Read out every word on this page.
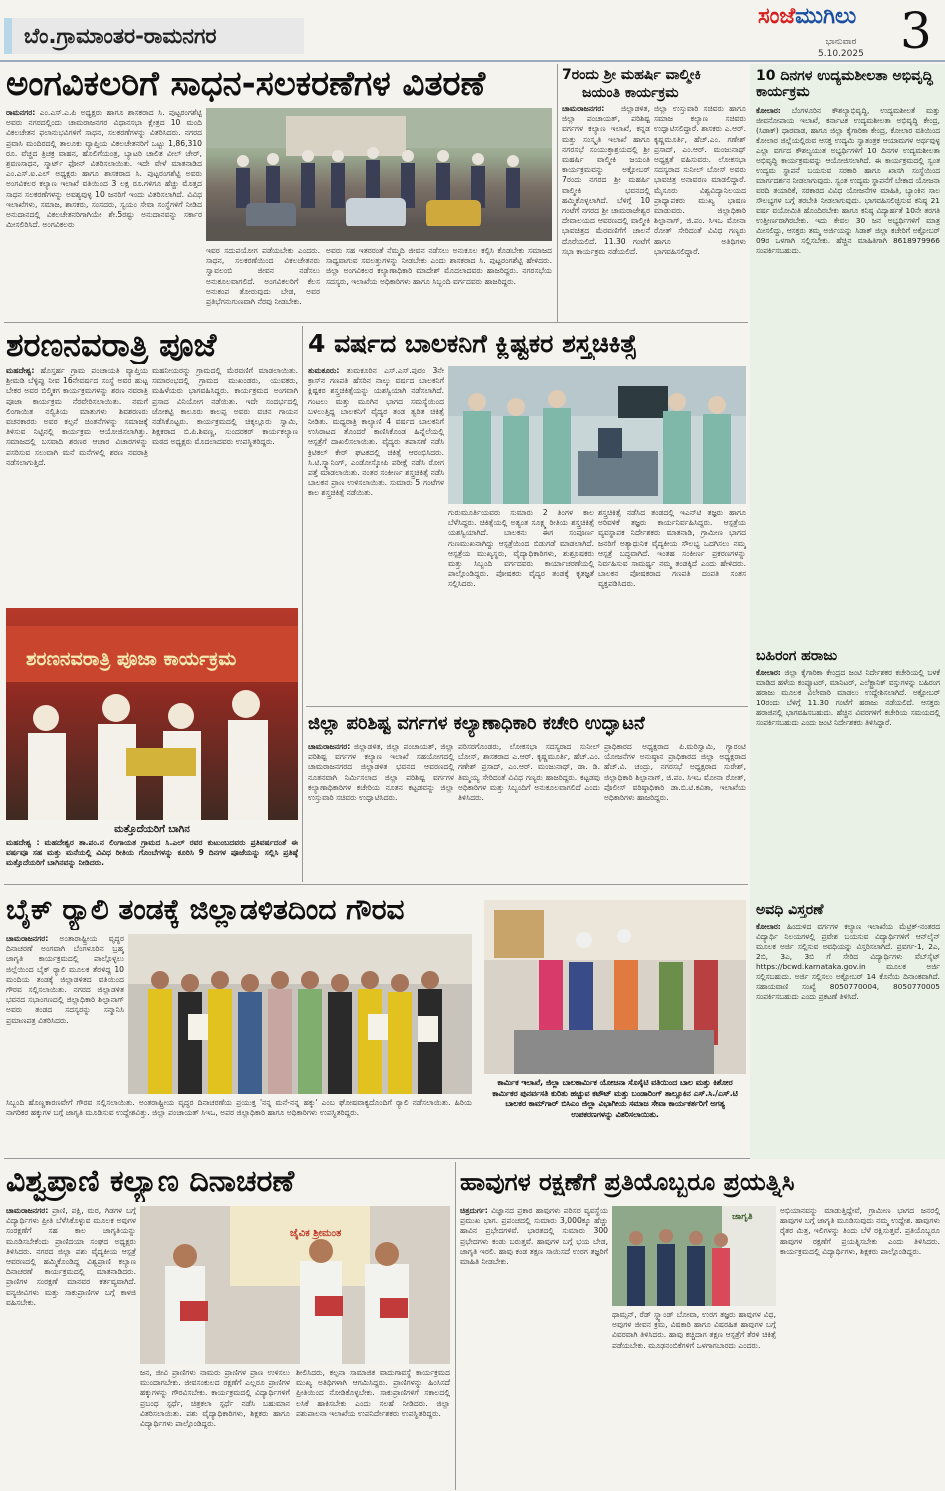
ಬೆಂ.ಗ್ರಾಮಾಂತರ-ರಾಮನಗರ
ಸಂಜೆಮುಗಿಲು
ಭಾನುವಾರ
5.10.2025 3
ಅಂಗವಿಕಲರಿಗೆ ಸಾಧನ-ಸಲಕರಣೆಗಳ ವಿತರಣೆ
ರಾಮನಗರ: ಎಂ.ಎಸ್.ಎ.ಪಿ ಅಧ್ಯಕ್ಷರು ಹಾಗೂ ಶಾಸಕರಾದ ಸಿ. ಪುಟ್ಟರಂಗಶೆಟ್ಟಿ ಅವರು ನಗರದಲ್ಲಿಂದು ಚಾಮರಾಜನಗರ ವಿಧಾನಸಭಾ ಕ್ಷೇತ್ರದ 10 ಮಂದಿ ವಿಕಲಚೇತನ ಫಲಾನುಭವಿಗಳಿಗೆ ಸಾಧನ, ಸಲಕರಣೆಗಳನ್ನು ವಿತರಿಸಿದರು. ನಗರದ ಪ್ರವಾಸಿ ಮಂದಿರದಲ್ಲಿ ತಾಲೂಕು ವ್ಯಾಪ್ತಿಯ ವಿಕಲಚೇತನರಿಗೆ ಒಟ್ಟು 1,86,310 ರೂ. ವೆಚ್ಚದ ತ್ರಿಚಕ್ರ ವಾಹನ, ಹೊಲಿಗೆಯಂತ್ರ, ಬ್ಯಾಟರಿ ಚಾಲಿತ ವೀಲ್ ಚೇರ್, ಶ್ರವಣಸಾಧನ, ಸ್ಮಾರ್ಟ್ ಫೋನ್ ವಿತರಿಸಲಾಯಿತು. ಇದೇ ವೇಳೆ ಮಾತನಾಡಿದ ಎಂ.ಎಸ್.ಐ.ಎಲ್ ಅಧ್ಯಕ್ಷರು ಹಾಗೂ ಶಾಸಕರಾದ ಸಿ. ಪುಟ್ಟರಂಗಶೆಟ್ಟಿ ಅವರು ಅಂಗವಿಕಲರ ಕಲ್ಯಾಣ ಇಲಾಖೆ ವತಿಯಿಂದ 3 ಲಕ್ಷ ರೂ.ಗಳಿಗೂ ಹೆಚ್ಚು ಮೊತ್ತದ ಸಾಧನ ಸಲಕರಣೆಗಳನ್ನು ಅವಶ್ಯವುಳ್ಳ 10 ಜನರಿಗೆ ಇಂದು ವಿತರಿಸಲಾಗಿದೆ. ವಿವಿಧ ಇಲಾಖೆಗಳು, ಸಮಾಜ, ಶಾಸಕರು, ಸಂಸದರು, ಸ್ವಯಂ ಸೇವಾ ಸಂಸ್ಥೆಗಳಿಗೆ ನೀಡಿದ ಅನುದಾನದಲ್ಲಿ ವಿಕಲಚೇತನರಿಗಾಗಿಯೇ ಶೇ.5ರಷ್ಟು ಅನುದಾನವನ್ನು ಸರ್ಕಾರ ಮೀಸಲಿರಿಸಿದೆ. ಅಂಗವಿಕಲರು
ಇವರ ಸದುಪಯೋಗ ಪಡೆಯಬೇಕು ಎಂದರು. ಸಾಧನ, ಸಲಕರಣೆಯಿಂದ ವಿಕಲಚೇತನರು ಸ್ವಾವಲಂಬಿ ಜೀವನ ನಡೆಸಲು ಅನುಕೂಲವಾಗಲಿದೆ. ಅಂಗವಿಕಲರಿಗೆ ಕೆಲಸ ಅನುಕಂಪ ತೋರುವುದು ಬೇಡ, ಅವರ ಪ್ರತಿಭೆಗನುಗುಣವಾಗಿ ನೆರವು ನೀಡಬೇಕು.
ಅವರು ಸಹ ಇತರರಂತೆ ನೆಮ್ಮದಿ ಜೀವನ ನಡೆಸಲು ಅನುಕೂಲ ಕಲ್ಪಿಸಿ ಕೊಡಬೇಕು ಸಮಾಜದ ಸಾಧ್ಯವಾಗುವ ಸವಲತ್ತುಗಳನ್ನು ನೀಡಬೇಕು ಎಂದು ಶಾಸಕರಾದ ಸಿ. ಪುಟ್ಟರಂಗಶೆಟ್ಟಿ ಹೇಳಿದರು. ಜಿಲ್ಲಾ ಅಂಗವಿಕಲರ ಕಲ್ಯಾಣಾಧಿಕಾರಿ ಮಾದೇಶ್ ಮೊದಲಾದವರು ಹಾಜರಿದ್ದರು. ನಗರಸಭೆಯ ಸದಸ್ಯರು, ಇಲಾಖೆಯ ಅಧಿಕಾರಿಗಳು ಹಾಗೂ ಸಿಬ್ಬಂದಿ ವರ್ಗದವರು ಹಾಜರಿದ್ದರು.
7ರಂದು ಶ್ರೀ ಮಹರ್ಷಿ ವಾಲ್ಮೀಕಿ
ಜಯಂತಿ ಕಾರ್ಯಕ್ರಮ
ಚಾಮರಾಜನಗರ: ಜಿಲ್ಲಾಡಳಿತ, ಜಿಲ್ಲಾ ಪಂಚಾಯತ್, ಪರಿಶಿಷ್ಟ ವರ್ಗಗಳ ಕಲ್ಯಾಣ ಇಲಾಖೆ, ಕನ್ನಡ ಮತ್ತು ಸಂಸ್ಕೃತಿ ಇಲಾಖೆ ಹಾಗೂ ನಗರಸಭೆ ಸಂಯುಕ್ತಾಶ್ರಯದಲ್ಲಿ ಶ್ರೀ ಮಹರ್ಷಿ ವಾಲ್ಮೀಕಿ ಜಯಂತಿ ಕಾರ್ಯಕ್ರಮವನ್ನು ಅಕ್ಟೋಬರ್ 7ರಂದು ನಗರದ ಶ್ರೀ ಮಹರ್ಷಿ ವಾಲ್ಮೀಕಿ ಭವನದಲ್ಲಿ ಹಮ್ಮಿಕೊಳ್ಳಲಾಗಿದೆ. ಬೆಳಿಗ್ಗೆ 10 ಗಂಟೆಗೆ ನಗರದ ಶ್ರೀ ಚಾಮರಾಜೇಶ್ವರ ದೇವಾಲಯದ ಆವರಣದಲ್ಲಿ ವಾಲ್ಮೀಕಿ ಭಾವಚಿತ್ರದ ಮೆರವಣಿಗೆಗೆ ಚಾಲನೆ ದೊರೆಯಲಿದೆ. 11.30 ಗಂಟೆಗೆ ಸಭಾ ಕಾರ್ಯಕ್ರಮ ನಡೆಯಲಿದೆ.
ಜಿಲ್ಲಾ ಉಸ್ತುವಾರಿ ಸಚಿವರು ಹಾಗೂ ಸಮಾಜ ಕಲ್ಯಾಣ ಸಚಿವರು ಉದ್ಘಾಟಿಸಲಿದ್ದಾರೆ. ಶಾಸಕರು ಎ.ಆರ್. ಕೃಷ್ಣಮೂರ್ತಿ, ಹೆಚ್.ಎಂ. ಗಣೇಶ್ ಪ್ರಸಾದ್, ಎಂ.ಆರ್. ಮಂಜುನಾಥ್ ಅಧ್ಯಕ್ಷತೆ ವಹಿಸುವರು. ಲೋಕಸಭಾ ಸದಸ್ಯರಾದ ಸುನೀಲ್ ಬೋಸ್ ಅವರು ಭಾವಚಿತ್ರ ಅನಾವರಣ ಮಾಡಲಿದ್ದಾರೆ. ಮೈಸೂರು ವಿಶ್ವವಿದ್ಯಾನಿಲಯದ ಪ್ರಾಧ್ಯಾಪಕರು ಮುಖ್ಯ ಭಾಷಣ ಮಾಡುವರು. ಜಿಲ್ಲಾಧಿಕಾರಿ ಶಿಲ್ಪಾನಾಗ್, ಜಿ.ಪಂ. ಸಿಇಒ ಮೋನಾ ರೋತ್ ಸೇರಿದಂತೆ ವಿವಿಧ ಗಣ್ಯರು ಹಾಗೂ ಅತಿಥಿಗಳು ಭಾಗವಹಿಸಲಿದ್ದಾರೆ.
ಶರಣನವರಾತ್ರಿ ಪೂಜೆ
ಮಹದೇಶ್ವ: ಹೊಸ್ತರ್ಹ ಗ್ರಾಮ ಪಂಚಾಯತಿ ವ್ಯಾಪ್ತಿಯ ಶ್ರೀಮಡಿ ಬೆಳ್ಳಿಪ್ಪು ನೀವ 16ನೇವರ್ಷದ ಸಂಸ್ಥೆ ಅವರ ಹುಟ್ಟ ಬೇಕರ ಅವರ ಬಿಲ್ಮಿಕಗ ಕಾರ್ಯಕ್ರಮಗಳನ್ನು ಶರಣ ನವರಾತ್ರಿ ಪೂಜಾ ಕಾರ್ಯಕ್ರಮ ನೆರವೇರಿಸಲಾಯಿತು. ನಮಗೆ ಲಿಂಗಾಯಿತ ನಲ್ವಿತಿಯ ಮಾತುಗಳು ಶಿವಶರಣರು ವಚನಕಾರರು ಅವರ ಕಲ್ಪನೆ ಚಿಂತನೆಗಳನ್ನು ಸಮಾಜಕ್ಕೆ ತಿಳಿಸುವ ನಿಟ್ಟಿನಲ್ಲಿ ಕಾರ್ಯಕ್ರಮ ಆಯೋಜಿಸಲಾಗಿತ್ತು. ಸಮಾಜದಲ್ಲಿ ಬಸವಾದಿ ಶರಣರ ಆಚಾರ ವಿಚಾರಗಳನ್ನು ಪಸರಿಸುವ ಸಲುವಾಗಿ ಮನೆ ಮನೆಗಳಲ್ಲಿ ಶರಣ ನವರಾತ್ರಿ ನಡೆಸಲಾಗುತ್ತಿದೆ.
ಮಹನೀಯರನ್ನು ಗ್ರಾಮದಲ್ಲಿ ಮೆರವಣಿಗೆ ಮಾಡಲಾಯಿತು. ಸಮಾರಂಭದಲ್ಲಿ ಗ್ರಾಮದ ಮುಖಂಡರು, ಯುವಕರು, ಮಹಿಳೆಯರು ಭಾಗವಹಿಸಿದ್ದರು. ಕಾರ್ಯಕ್ರಮದ ಅಂಗವಾಗಿ ಪ್ರಸಾದ ವಿನಿಯೋಗ ನಡೆಯಿತು. ಇದೇ ಸಂದರ್ಭದಲ್ಲಿ ಜೋಕಟ್ಟಿ ಕಾಲೂರು ಕಾಲಪ್ಪ ಅವರು ವಚನ ಗಾಯನ ನಡೆಸಿಕೊಟ್ಟರು. ಕಾರ್ಯಕ್ರಮದಲ್ಲಿ ಚಿಕ್ಕಲ್ಲೂರು ಸ್ವಾಮಿ, ಶಿಕ್ಷಕರಾದ ಬಿ.ಪಿ.ಶಿವಣ್ಣ, ಸುಂದರಕರ್ ಕಾರ್ಯಕಲ್ಯಾಣ ಮಠದ ಅಧ್ಯಕ್ಷರು ಮೊದಲಾದವರು ಉಪಸ್ಥಿತರಿದ್ದರು.
ಶರಣನವರಾತ್ರಿ ಪೂಜಾ ಕಾರ್ಯಕ್ರಮ
ಮತ್ತೊದೆಯರಿಗೆ ಬಾಗಿನ
ಮಹದೇಶ್ವ : ಮಹದೇಶ್ವರ ತಾ.ಪಂ.ನ ಲಿಂಗಾಯತ ಗ್ರಾಮದ ಸಿ.ಎಲ್ ರವರ ಕುಟುಂಬದವರು ಪ್ರತಿವರ್ಷದಂತೆ ಈ ವರ್ಷವೂ ಸಹ ಮತ್ತು ಮನೆಯಲ್ಲಿ ವಿವಿಧ ರೀತಿಯ ಗೊಂಬೆಗಳನ್ನು ಕೂರಿಸಿ 9 ದಿನಗಳ ಪೂಜೆಯನ್ನು ಸಲ್ಲಿಸಿ ಪ್ರತಿಷ್ಠೆ ಮತ್ತೊದೆಯರಿಗೆ ಬಾಗಿನವನ್ನು ನೀಡಿದರು.
4 ವರ್ಷದ ಬಾಲಕನಿಗೆ ಕ್ಲಿಷ್ಟಕರ ಶಸ್ತ್ರಚಿಕಿತ್ಸೆ
ತುಮಕೂರು: ತುಮಕೂರಿನ ಎಸ್.ಎಸ್.ಪುರಂ 3ನೇ ಕ್ರಾಸ್‌ನ ಗಣಪತಿ ಹೆಸರಿನ ನಾಲ್ಕು ವರ್ಷದ ಬಾಲಕನಿಗೆ ಕ್ಲಿಷ್ಟಕರ ಶಸ್ತ್ರಚಿಕಿತ್ಸೆಯನ್ನು ಯಶಸ್ವಿಯಾಗಿ ನಡೆಸಲಾಗಿದೆ. ಗಂಟಲು ಮತ್ತು ಮೂಗಿನ ಭಾಗದ ಸಮಸ್ಯೆಯಿಂದ ಬಳಲುತ್ತಿದ್ದ ಬಾಲಕನಿಗೆ ವೈದ್ಯರ ತಂಡ ತ್ವರಿತ ಚಿಕಿತ್ಸೆ ನೀಡಿತು. ಮಧ್ಯರಾತ್ರಿ ಕಾಲ್ಯಾಣಿ 4 ವರ್ಷದ ಬಾಲಕನಿಗೆ ಉಸಿರಾಟದ ತೊಂದರೆ ಕಾಣಿಸಿಕೊಂಡ ಹಿನ್ನೆಲೆಯಲ್ಲಿ ಆಸ್ಪತ್ರೆಗೆ ದಾಖಲಿಸಲಾಯಿತು. ವೈದ್ಯರು ತಪಾಸಣೆ ನಡೆಸಿ ಕ್ರಿಟಿಕಲ್ ಕೇರ್ ಘಟಕದಲ್ಲಿ ಚಿಕಿತ್ಸೆ ಆರಂಭಿಸಿದರು. ಸಿ.ಟಿ.ಸ್ಕ್ಯಾನಿಂಗ್, ಎಂಡೋಸ್ಕೋಪಿ ಪರೀಕ್ಷೆ ನಡೆಸಿ ರೋಗ ಪತ್ತೆ ಮಾಡಲಾಯಿತು. ನಂತರ ಸಂಕೀರ್ಣ ಶಸ್ತ್ರಚಿಕಿತ್ಸೆ ನಡೆಸಿ ಬಾಲಕನ ಪ್ರಾಣ ಉಳಿಸಲಾಯಿತು. ಸುಮಾರು 5 ಗಂಟೆಗಳ ಕಾಲ ಶಸ್ತ್ರಚಿಕಿತ್ಸೆ ನಡೆಯಿತು.
ಗುರುಮೂರ್ತಿಯವರು ಸುಮಾರು 2 ತಿಂಗಳ ಕಾಲ ಬೆಳೆಸಿದ್ದರು. ಚಿಕಿತ್ಸೆಯಲ್ಲಿ ಅತ್ಯಂತ ಸೂಕ್ಷ್ಮ ರೀತಿಯ ಶಸ್ತ್ರಚಿಕಿತ್ಸೆ ಯಶಸ್ವಿಯಾಗಿದೆ. ಬಾಲಕನು ಈಗ ಸಂಪೂರ್ಣ ಗುಣಮುಖನಾಗಿದ್ದು ಆಸ್ಪತ್ರೆಯಿಂದ ಬಿಡುಗಡೆ ಮಾಡಲಾಗಿದೆ. ಆಸ್ಪತ್ರೆಯ ಮುಖ್ಯಸ್ಥರು, ವೈದ್ಯಾಧಿಕಾರಿಗಳು, ಶುಶ್ರೂಷಕರು ಮತ್ತು ಸಿಬ್ಬಂದಿ ವರ್ಗದವರು ಕಾರ್ಯಾಚರಣೆಯಲ್ಲಿ ಪಾಲ್ಗೊಂಡಿದ್ದರು. ಪೋಷಕರು ವೈದ್ಯರ ತಂಡಕ್ಕೆ ಕೃತಜ್ಞತೆ ಸಲ್ಲಿಸಿದರು.
ಶಸ್ತ್ರಚಿಕಿತ್ಸೆ ನಡೆಸಿದ ತಂಡದಲ್ಲಿ ಇಎನ್‌ಟಿ ತಜ್ಞರು ಹಾಗೂ ಅರಿವಳಿಕೆ ತಜ್ಞರು ಕಾರ್ಯನಿರ್ವಹಿಸಿದ್ದರು. ಆಸ್ಪತ್ರೆಯ ವ್ಯವಸ್ಥಾಪಕ ನಿರ್ದೇಶಕರು ಮಾತನಾಡಿ, ಗ್ರಾಮೀಣ ಭಾಗದ ಜನರಿಗೆ ಅತ್ಯಾಧುನಿಕ ವೈದ್ಯಕೀಯ ಸೌಲಭ್ಯ ಒದಗಿಸಲು ನಮ್ಮ ಆಸ್ಪತ್ರೆ ಬದ್ಧವಾಗಿದೆ. ಇಂತಹ ಸಂಕೀರ್ಣ ಪ್ರಕರಣಗಳನ್ನು ನಿರ್ವಹಿಸುವ ಸಾಮರ್ಥ್ಯ ನಮ್ಮ ತಂಡಕ್ಕಿದೆ ಎಂದು ಹೇಳಿದರು. ಬಾಲಕನ ಪೋಷಕರಾದ ಗಣಪತಿ ದಂಪತಿ ಸಂತಸ ವ್ಯಕ್ತಪಡಿಸಿದರು.
ಜಿಲ್ಲಾ ಪರಿಶಿಷ್ಟ ವರ್ಗಗಳ ಕಲ್ಯಾಣಾಧಿಕಾರಿ ಕಚೇರಿ ಉದ್ಘಾಟನೆ
ಚಾಮರಾಜನಗರ: ಜಿಲ್ಲಾಡಳಿತ, ಜಿಲ್ಲಾ ಪಂಚಾಯತ್, ಜಿಲ್ಲಾ ಪರಿಶಿಷ್ಟ ವರ್ಗಗಳ ಕಲ್ಯಾಣ ಇಲಾಖೆ ಸಹಯೋಗದಲ್ಲಿ ಚಾಮರಾಜನಗರದ ಜಿಲ್ಲಾಡಳಿತ ಭವನದ ಆವರಣದಲ್ಲಿ ನೂತನವಾಗಿ ನಿರ್ಮಿಸಲಾದ ಜಿಲ್ಲಾ ಪರಿಶಿಷ್ಟ ವರ್ಗಗಳ ಕಲ್ಯಾಣಾಧಿಕಾರಿಗಳ ಕಚೇರಿಯ ನೂತನ ಕಟ್ಟಡವನ್ನು ಜಿಲ್ಲಾ ಉಸ್ತುವಾರಿ ಸಚಿವರು ಉದ್ಘಾಟಿಸಿದರು.
ಪರಿಸರಗೊಂಡರು, ಲೋಕಸಭಾ ಸದಸ್ಯರಾದ ಸುನೀಲ್ ಬೋಸ್, ಶಾಸಕರಾದ ಎ.ಆರ್. ಕೃಷ್ಣಮೂರ್ತಿ, ಹೆಚ್.ಎಂ. ಗಣೇಶ್ ಪ್ರಸಾದ್, ಎಂ.ಆರ್. ಮಂಜುನಾಥ್, ಡಾ. ಡಿ. ತಿಮ್ಮಯ್ಯ ಸೇರಿದಂತೆ ವಿವಿಧ ಗಣ್ಯರು ಹಾಜರಿದ್ದರು. ಕಟ್ಟಡವು ಅಧಿಕಾರಿಗಳ ಮತ್ತು ಸಿಬ್ಬಂದಿಗೆ ಅನುಕೂಲವಾಗಲಿದೆ ಎಂದು ತಿಳಿಸಿದರು.
ಪ್ರಾಧಿಕಾರದ ಅಧ್ಯಕ್ಷರಾದ ಪಿ.ಮರಿಸ್ವಾಮಿ, ಗ್ಯಾರಂಟಿ ಯೋಜನೆಗಳ ಅನುಷ್ಠಾನ ಪ್ರಾಧಿಕಾರದ ಜಿಲ್ಲಾ ಅಧ್ಯಕ್ಷರಾದ ಹೆಚ್.ವಿ. ಚಂದ್ರು, ನಗರಸಭೆ ಅಧ್ಯಕ್ಷರಾದ ಸುರೇಶ್, ಜಿಲ್ಲಾಧಿಕಾರಿ ಶಿಲ್ಪಾನಾಗ್, ಜಿ.ಪಂ. ಸಿಇಒ ಮೋನಾ ರೋತ್, ಪೊಲೀಸ್ ವರಿಷ್ಠಾಧಿಕಾರಿ ಡಾ.ಬಿ.ಟಿ.ಕವಿತಾ, ಇಲಾಖೆಯ ಅಧಿಕಾರಿಗಳು ಹಾಜರಿದ್ದರು.
ಬೈಕ್ ರ್‍ಯಾಲಿ ತಂಡಕ್ಕೆ ಜಿಲ್ಲಾಡಳಿತದಿಂದ ಗೌರವ
ಚಾಮರಾಜನಗರ: ಅಂತಾರಾಷ್ಟ್ರೀಯ ವೃದ್ಧರ ದಿನಾಚರಣೆ ಅಂಗವಾಗಿ ಬೆಂಗಳೂರಿನ ಬ್ರಹ್ಮ ಜಾಗೃತಿ ಕಾರ್ಯಕ್ರಮದಲ್ಲಿ ಪಾಲ್ಗೊಳ್ಳಲು ಜಿಲ್ಲೆಯಿಂದ ಬೈಕ್ ರ್‍ಯಾಲಿ ಮೂಲಕ ತೆರಳಿದ್ದ 10 ಮಂದಿಯ ತಂಡಕ್ಕೆ ಜಿಲ್ಲಾಡಳಿತದ ವತಿಯಿಂದ ಗೌರವ ಸಲ್ಲಿಸಲಾಯಿತು. ನಗರದ ಜಿಲ್ಲಾಡಳಿತ ಭವನದ ಸಭಾಂಗಣದಲ್ಲಿ ಜಿಲ್ಲಾಧಿಕಾರಿ ಶಿಲ್ಪಾನಾಗ್ ಅವರು ತಂಡದ ಸದಸ್ಯರನ್ನು ಸನ್ಮಾನಿಸಿ ಪ್ರಮಾಣಪತ್ರ ವಿತರಿಸಿದರು.
ಸಿಬ್ಬಂದಿ ಹೊಣ್ಣಕಾರಣವೇಗೆ ಗೌರವ ಸಲ್ಲಿಸಲಾಯಿತು. ಅಂತರಾಷ್ಟ್ರೀಯ ವೃದ್ಧರ ದಿನಾಚರಣೆಯ ಪ್ರಯುಕ್ತ 'ನನ್ನ ಮನೆ-ನನ್ನ ಹಕ್ಕು' ಎಂಬ ಘೋಷವಾಕ್ಯದೊಂದಿಗೆ ರ್‍ಯಾಲಿ ನಡೆಸಲಾಯಿತು. ಹಿರಿಯ ನಾಗರಿಕರ ಹಕ್ಕುಗಳ ಬಗ್ಗೆ ಜಾಗೃತಿ ಮೂಡಿಸುವ ಉದ್ದೇಶವಿತ್ತು. ಜಿಲ್ಲಾ ಪಂಚಾಯತ್ ಸಿಇಒ, ಅಪರ ಜಿಲ್ಲಾಧಿಕಾರಿ ಹಾಗೂ ಅಧಿಕಾರಿಗಳು ಉಪಸ್ಥಿತರಿದ್ದರು.
ಕಾರ್ಮಿಕ ಇಲಾಖೆ, ಜಿಲ್ಲಾ ಬಾಲಕಾರ್ಮಿಕ ಯೋಜನಾ ಸೊಸೈಟಿ ವತಿಯಿಂದ ಬಾಲ ಮತ್ತು ಕಿಶೋರ ಕಾರ್ಮಿಕರ ಪುನರ್ವಸತಿ ಕುರಿತು ಹಚ್ಚುವ ಕಟೌಟ್ ಮತ್ತು ಬಂಡಾರಿಂಗ್ ತಾಲ್ಲೂಕಿನ ಎಸ್.ಸಿ./ಎಸ್.ಟಿ ಬಾಲಕರ ಕಾಮ್‌ಗಾರ್ ಬಿಸಿಎಂ ಜಿಲ್ಲಾ ವಿಭಾಗೀಯ ಸಮಾಜ ಸೇವಾ ಕಾರ್ಯಕರ್ತರಿಗೆ ಅಗತ್ಯ ಉಪಕರಣಗಳನ್ನು ವಿತರಿಸಲಾಯಿತು.
ವಿಶ್ವಪ್ರಾಣಿ ಕಲ್ಯಾಣ ದಿನಾಚರಣೆ
ಚಾಮರಾಜನಗರ: ಪ್ರಾಣಿ, ಪಕ್ಷಿ, ಮರ, ಗಿಡಗಳ ಬಗ್ಗೆ ವಿದ್ಯಾರ್ಥಿಗಳು ಪ್ರೀತಿ ಬೆಳೆಸಿಕೊಳ್ಳುವ ಮೂಲಕ ಅವುಗಳ ಸಂರಕ್ಷಣೆಗೆ ಸಹ ಕಾಲ ಜಾಗೃತಿಯನ್ನು ಮೂಡಿಸಬೇಕೆಂದು ಪ್ರಾಣಿದಯಾ ಸಂಘದ ಅಧ್ಯಕ್ಷರು ತಿಳಿಸಿದರು. ನಗರದ ಜಿಲ್ಲಾ ಪಶು ವೈದ್ಯಕೀಯ ಆಸ್ಪತ್ರೆ ಆವರಣದಲ್ಲಿ ಹಮ್ಮಿಕೊಂಡಿದ್ದ ವಿಶ್ವಪ್ರಾಣಿ ಕಲ್ಯಾಣ ದಿನಾಚರಣೆ ಕಾರ್ಯಕ್ರಮದಲ್ಲಿ ಮಾತನಾಡಿದರು. ಪ್ರಾಣಿಗಳ ಸಂರಕ್ಷಣೆ ಮಾನವರ ಕರ್ತವ್ಯವಾಗಿದೆ. ವನ್ಯಜೀವಿಗಳು ಮತ್ತು ಸಾಕುಪ್ರಾಣಿಗಳ ಬಗ್ಗೆ ಕಾಳಜಿ ವಹಿಸಬೇಕು.
ಜೈವಿಕ ಶ್ರೀಮಂತ
ಜನ, ಜೀವಿ ಪ್ರಾಣಿಗಳು ನಾಮರು ಪ್ರಾಣಿಗಳ ಪ್ರಾಣ ಉಳಿಸಲು ಮುಂದಾಗಬೇಕು. ಜೀವಸಂಕುಲದ ರಕ್ಷಣೆಗೆ ಎಲ್ಲರೂ ಪ್ರಾಣಿಗಳ ಹಕ್ಕುಗಳನ್ನು ಗೌರವಿಸಬೇಕು. ಕಾರ್ಯಕ್ರಮದಲ್ಲಿ ವಿದ್ಯಾರ್ಥಿಗಳಿಗೆ ಪ್ರಬಂಧ ಸ್ಪರ್ಧೆ, ಚಿತ್ರಕಲಾ ಸ್ಪರ್ಧೆ ನಡೆಸಿ ಬಹುಮಾನ ವಿತರಿಸಲಾಯಿತು. ಪಶು ವೈದ್ಯಾಧಿಕಾರಿಗಳು, ಶಿಕ್ಷಕರು ಹಾಗೂ ವಿದ್ಯಾರ್ಥಿಗಳು ಪಾಲ್ಗೊಂಡಿದ್ದರು.
ಶೀಲಿಸಿದರು, ಕಲ್ಪನಾ ಸಾಮಾಜಿಕ ವಾದುಗಾವಸ್ಥೆ ಕಾರ್ಯಕ್ರಮದ ಮುಖ್ಯ ಅತಿಥಿಗಳಾಗಿ ಆಗಮಿಸಿದ್ದರು. ಪ್ರಾಣಿಗಳನ್ನು ಹಿಂಸಿಸದೆ ಪ್ರೀತಿಯಿಂದ ನೋಡಿಕೊಳ್ಳಬೇಕು. ಸಾಕುಪ್ರಾಣಿಗಳಿಗೆ ಸಕಾಲದಲ್ಲಿ ಲಸಿಕೆ ಹಾಕಿಸಬೇಕು ಎಂದು ಸಲಹೆ ನೀಡಿದರು. ಜಿಲ್ಲಾ ಪಶುಪಾಲನಾ ಇಲಾಖೆಯ ಉಪನಿರ್ದೇಶಕರು ಉಪಸ್ಥಿತರಿದ್ದರು.
ಹಾವುಗಳ ರಕ್ಷಣೆಗೆ ಪ್ರತಿಯೊಬ್ಬರೂ ಪ್ರಯತ್ನಿಸಿ
ಚಿತ್ರದುರ್ಗ: ವಿಜ್ಞಾನದ ಪ್ರಕಾರ ಹಾವುಗಳು ಪರಿಸರ ವ್ಯವಸ್ಥೆಯ ಪ್ರಮುಖ ಭಾಗ. ಪ್ರಪಂಚದಲ್ಲಿ ಸುಮಾರು 3,000ಕ್ಕೂ ಹೆಚ್ಚು ಹಾವಿನ ಪ್ರಭೇದಗಳಿವೆ. ಭಾರತದಲ್ಲಿ ಸುಮಾರು 300 ಪ್ರಭೇದಗಳು ಕಂಡು ಬರುತ್ತವೆ. ಹಾವುಗಳ ಬಗ್ಗೆ ಭಯ ಬೇಡ, ಜಾಗೃತಿ ಇರಲಿ. ಹಾವು ಕಂಡ ತಕ್ಷಣ ಸಾಯಿಸದೆ ಉರಗ ತಜ್ಞರಿಗೆ ಮಾಹಿತಿ ನೀಡಬೇಕು.
ಜಾಗೃತಿ
ಥಾಮ್ಸನ್, ರೆಡ್ ಸ್ನ್ಯಾಂಡ್ ಬೋವಾ, ಉರಗ ತಜ್ಞರು ಹಾವುಗಳ ವಿಧ, ಅವುಗಳ ಜೀವನ ಕ್ರಮ, ವಿಷಕಾರಿ ಹಾಗೂ ವಿಷರಹಿತ ಹಾವುಗಳ ಬಗ್ಗೆ ವಿವರವಾಗಿ ತಿಳಿಸಿದರು. ಹಾವು ಕಚ್ಚಿದಾಗ ತಕ್ಷಣ ಆಸ್ಪತ್ರೆಗೆ ತೆರಳಿ ಚಿಕಿತ್ಸೆ ಪಡೆಯಬೇಕು. ಮೂಢನಂಬಿಕೆಗಳಿಗೆ ಒಳಗಾಗಬಾರದು ಎಂದರು.
ಅಭಿಯಾನವನ್ನು ಮಾಡುತ್ತಿದ್ದೇವೆ, ಗ್ರಾಮೀಣ ಭಾಗದ ಜನರಲ್ಲಿ ಹಾವುಗಳ ಬಗ್ಗೆ ಜಾಗೃತಿ ಮೂಡಿಸುವುದು ನಮ್ಮ ಉದ್ದೇಶ. ಹಾವುಗಳು ರೈತರ ಮಿತ್ರ, ಇಲಿಗಳನ್ನು ತಿಂದು ಬೆಳೆ ರಕ್ಷಿಸುತ್ತವೆ. ಪ್ರತಿಯೊಬ್ಬರೂ ಹಾವುಗಳ ರಕ್ಷಣೆಗೆ ಪ್ರಯತ್ನಿಸಬೇಕು ಎಂದು ತಿಳಿಸಿದರು. ಕಾರ್ಯಕ್ರಮದಲ್ಲಿ ವಿದ್ಯಾರ್ಥಿಗಳು, ಶಿಕ್ಷಕರು ಪಾಲ್ಗೊಂಡಿದ್ದರು.
10 ದಿನಗಳ ಉದ್ಯಮಶೀಲತಾ ಅಭಿವೃದ್ಧಿ ಕಾರ್ಯಕ್ರಮ
ಕೋಲಾರ: ಬೆಂಗಳೂರಿನ ಕೌಶಲ್ಯಾಭಿವೃದ್ಧಿ, ಉದ್ಯಮಶೀಲತೆ ಮತ್ತು ಜೀವನೋಪಾಯ ಇಲಾಖೆ, ಕರ್ನಾಟಕ ಉದ್ಯಮಶೀಲತಾ ಅಭಿವೃದ್ಧಿ ಕೇಂದ್ರ, (ಸಿಡಾಕ್) ಧಾರವಾಡ, ಹಾಗೂ ಜಿಲ್ಲಾ ಕೈಗಾರಿಕಾ ಕೇಂದ್ರ, ಕೋಲಾರ ವತಿಯಿಂದ ಕೋಲಾರ ಜಿಲ್ಲೆಯಲ್ಲಿರುವ ಆಸಕ್ತ ಉದ್ಯಮಿ ಸ್ವಾತಂತ್ರಕ ಆಯಾಮಗಳ ಅರ್ಥವುಳ್ಳ ಎಲ್ಲಾ ವರ್ಗದ ಕೌಶಲ್ಯಯುತ ಅಭ್ಯರ್ಥಿಗಳಿಗೆ 10 ದಿನಗಳ ಉದ್ಯಮಶೀಲತಾ ಅಭಿವೃದ್ಧಿ ಕಾರ್ಯಕ್ರಮವನ್ನು ಆಯೋಜಿಸಲಾಗಿದೆ. ಈ ಕಾರ್ಯಕ್ರಮದಲ್ಲಿ ಸ್ವಂತ ಉದ್ಯಮ ಸ್ಥಾಪನೆ ಬಯಸುವ ಸರಕಾರಿ ಹಾಗೂ ಖಾಸಗಿ ಸಂಸ್ಥೆಯಿಂದ ಮಾರ್ಗದರ್ಶನ ನೀಡಲಾಗುವುದು. ಸ್ವಂತ ಉದ್ಯಮ ಸ್ಥಾಪನೆಗೆ ಬೇಕಾದ ಯೋಜನಾ ವರದಿ ತಯಾರಿಕೆ, ಸರಕಾರದ ವಿವಿಧ ಯೋಜನೆಗಳ ಮಾಹಿತಿ, ಬ್ಯಾಂಕಿನ ಸಾಲ ಸೌಲಭ್ಯಗಳ ಬಗ್ಗೆ ತರಬೇತಿ ನೀಡಲಾಗುವುದು. ಭಾಗವಹಿಸಲಿಚ್ಛಿಸುವ ಕನಿಷ್ಠ 21 ವರ್ಷ ವಯೋಮಿತಿ ಹೊಂದಿರಬೇಕು ಹಾಗೂ ಕನಿಷ್ಠ ವಿದ್ಯಾರ್ಹತೆ 10ನೇ ತರಗತಿ ಉತ್ತೀರ್ಣರಾಗಿರಬೇಕು. ಇದು ಕೇವಲ 30 ಜನ ಅಭ್ಯರ್ಥಿಗಳಿಗೆ ಮಾತ್ರ ಮೀಸಲಿದ್ದು, ಆಸಕ್ತರು ತಮ್ಮ ಅರ್ಜಿಯನ್ನು ಸಿಡಾಕ್ ಜಿಲ್ಲಾ ಕಚೇರಿಗೆ ಅಕ್ಟೋಬರ್ 09ರ ಒಳಗಾಗಿ ಸಲ್ಲಿಸಬೇಕು. ಹೆಚ್ಚಿನ ಮಾಹಿತಿಗಾಗಿ 8618979966 ಸಂಪರ್ಕಿಸಬಹುದು.
ಬಹಿರಂಗ ಹರಾಜು
ಕೋಲಾರ: ಜಿಲ್ಲಾ ಕೈಗಾರಿಕಾ ಕೇಂದ್ರದ ಜಂಟಿ ನಿರ್ದೇಶಕರ ಕಚೇರಿಯಲ್ಲಿ ಬಳಕೆ ಮಾಡಿದ ಹಳೆಯ ಕಂಪ್ಯೂಟರ್, ಮಾನಿಟರ್, ಎಲೆಕ್ಟ್ರಾನಿಕ್ ವಸ್ತುಗಳನ್ನು ಬಹಿರಂಗ ಹರಾಜು ಮೂಲಕ ವಿಲೇವಾರಿ ಮಾಡಲು ಉದ್ದೇಶಿಸಲಾಗಿದೆ. ಅಕ್ಟೋಬರ್ 10ರಂದು ಬೆಳಿಗ್ಗೆ 11.30 ಗಂಟೆಗೆ ಹರಾಜು ನಡೆಯಲಿದೆ. ಆಸಕ್ತರು ಹರಾಜಿನಲ್ಲಿ ಭಾಗವಹಿಸಬಹುದು. ಹೆಚ್ಚಿನ ವಿವರಗಳಿಗೆ ಕಚೇರಿಯ ಸಮಯದಲ್ಲಿ ಸಂಪರ್ಕಿಸಬಹುದು ಎಂದು ಜಂಟಿ ನಿರ್ದೇಶಕರು ತಿಳಿಸಿದ್ದಾರೆ.
ಅವಧಿ ವಿಸ್ತರಣೆ
ಕೋಲಾರ: ಹಿಂದುಳಿದ ವರ್ಗಗಳ ಕಲ್ಯಾಣ ಇಲಾಖೆಯ ಮೆಟ್ರಿಕ್-ನಂತರದ ವಿದ್ಯಾರ್ಥಿ ನಿಲಯಗಳಲ್ಲಿ ಪ್ರವೇಶ ಬಯಸುವ ವಿದ್ಯಾರ್ಥಿಗಳಿಗೆ ಆನ್‌ಲೈನ್ ಮೂಲಕ ಅರ್ಜಿ ಸಲ್ಲಿಸುವ ಅವಧಿಯನ್ನು ವಿಸ್ತರಿಸಲಾಗಿದೆ. ಪ್ರವರ್ಗ-1, 2ಎ, 2ಬಿ, 3ಎ, 3ಬಿ ಗೆ ಸೇರಿದ ವಿದ್ಯಾರ್ಥಿಗಳು ವೆಬ್‌ಸೈಟ್ https://bcwd.karnataka.gov.in ಮೂಲಕ ಅರ್ಜಿ ಸಲ್ಲಿಸಬಹುದು. ಅರ್ಜಿ ಸಲ್ಲಿಸಲು ಅಕ್ಟೋಬರ್ 14 ಕೊನೆಯ ದಿನಾಂಕವಾಗಿದೆ. ಸಹಾಯವಾಣಿ ಸಂಖ್ಯೆ 8050770004, 8050770005 ಸಂಪರ್ಕಿಸಬಹುದು ಎಂದು ಪ್ರಕಟಣೆ ತಿಳಿಸಿದೆ.
